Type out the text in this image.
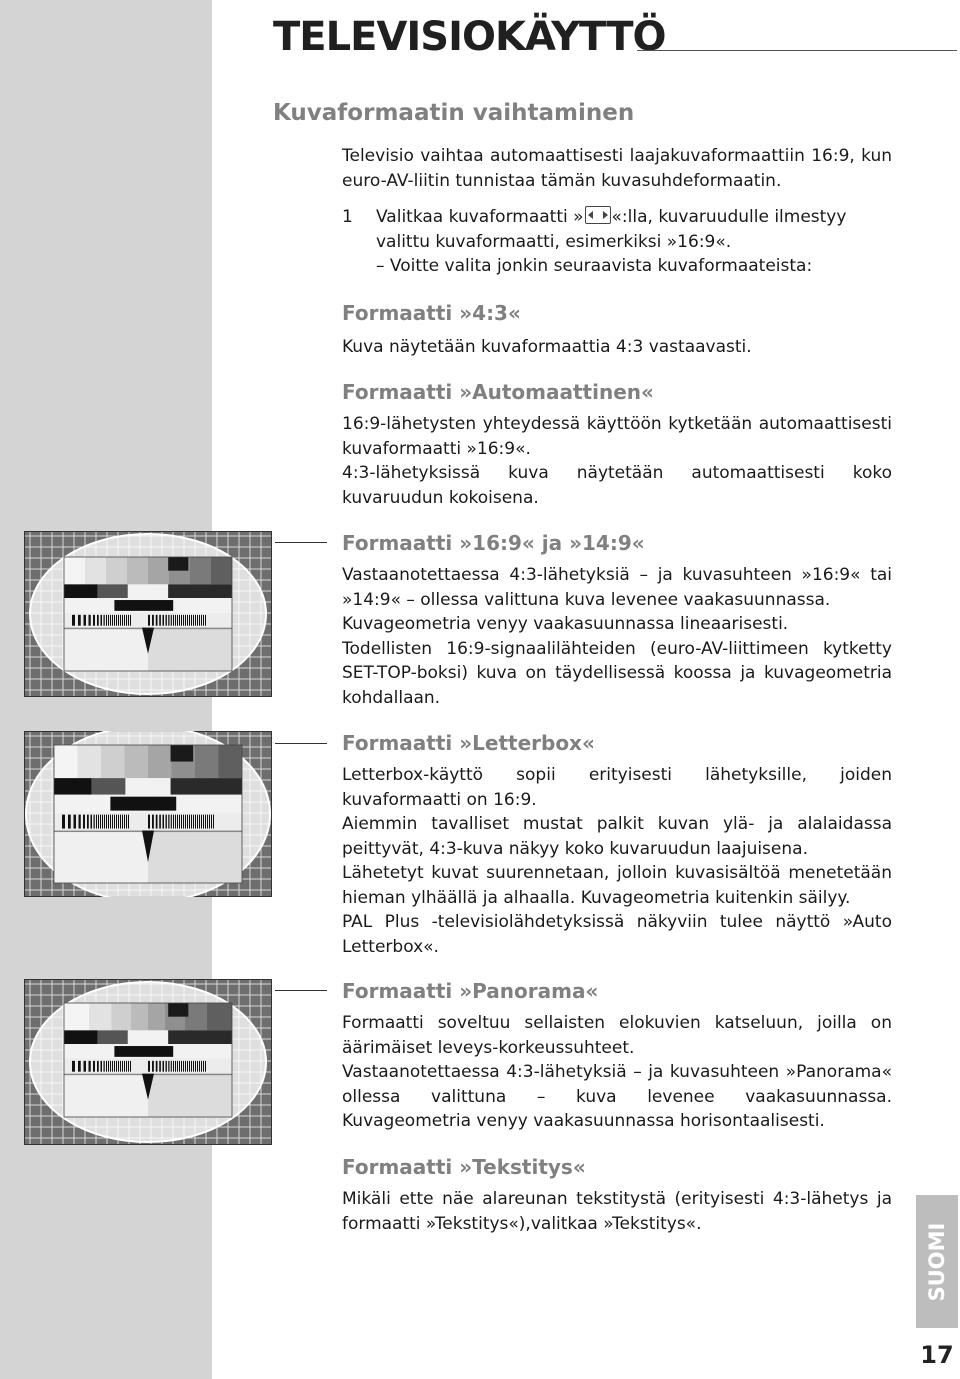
TELEVISIOKÄYTTÖ
Kuvaformaatin vaihtaminen

Televisio vaihtaa automaattisesti laajakuvaformaattiin 16:9, kun euro-AV-liitin tunnistaa tämän kuvasuhdeformaatin.

1	Valitkaa kuvaformaatti » «:lla, kuvaruudulle ilmestyy valittu kuvaformaatti, esimerkiksi »16:9«.

– Voitte valita jonkin seuraavista kuvaformaateista:

Formaatti »4:3«

Kuva näytetään kuvaformaattia 4:3 vastaavasti.

Formaatti »Automaattinen«

16:9-lähetysten yhteydessä käyttöön kytketään automaattisesti kuvaformaatti »16:9«.

4:3-lähetyksissä kuva näytetään automaattisesti koko kuvaruudun kokoisena.

Formaatti »16:9« ja »14:9«

Vastaanotettaessa 4:3-lähetyksiä – ja kuvasuhteen »16:9« tai »14:9« – ollessa valittuna kuva levenee vaakasuunnassa.

Kuvageometria venyy vaakasuunnassa lineaarisesti.

Todellisten 16:9-signaalilähteiden (euro-AV-liittimeen kytketty SET-TOP-boksi) kuva on täydellisessä koossa ja kuvageometria kohdallaan.

Formaatti »Letterbox«

Letterbox-käyttö sopii erityisesti lähetyksille, joiden kuvaformaatti on 16:9.

Aiemmin tavalliset mustat palkit kuvan ylä- ja alalaidassa peittyvät, 4:3-kuva näkyy koko kuvaruudun laajuisena.

Lähetetyt kuvat suurennetaan, jolloin kuvasisältöä menetetään hieman ylhäällä ja alhaalla. Kuvageometria kuitenkin säilyy.

PAL Plus -televisiolähdetyksissä näkyviin tulee näyttö »Auto Letterbox«.

Formaatti »Panorama«

Formaatti soveltuu sellaisten elokuvien katseluun, joilla on äärimäiset leveys-korkeussuhteet.

Vastaanotettaessa 4:3-lähetyksiä – ja kuvasuhteen »Panorama« ollessa valittuna – kuva levenee vaakasuunnassa. Kuvageometria venyy vaakasuunnassa horisontaalisesti.

Formaatti »Tekstitys«

Mikäli ette näe alareunan tekstitystä (erityisesti 4:3-lähetys ja formaatti »Tekstitys«),valitkaa »Tekstitys«.	SUOMI
17
